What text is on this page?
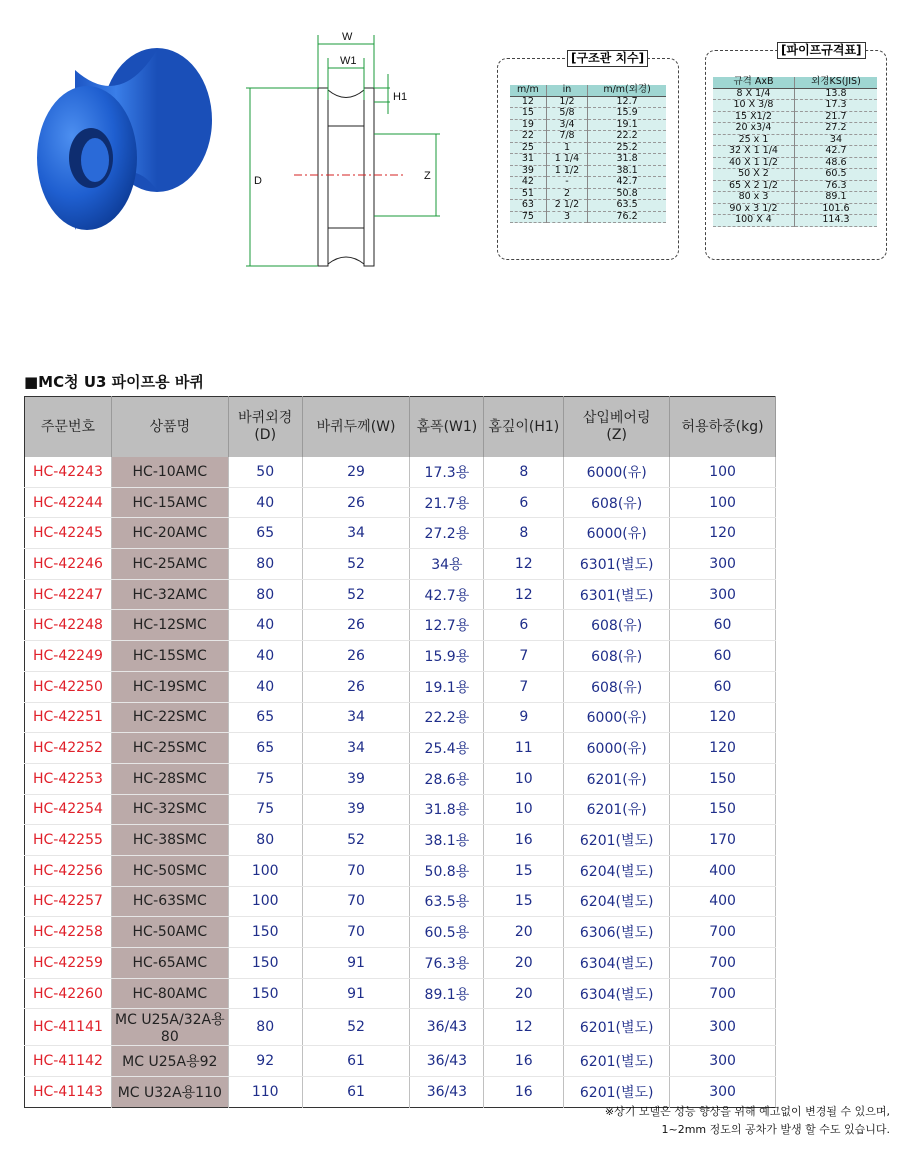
W
W1
H1
D	Z
[구조관 치수]
m/m	in	m/m(외경)
12	1/2	12.7
15	5/8	15.9
19	3/4	19.1
22	7/8	22.2
25	1	25.2
31	1 1/4	31.8
39	1 1/2	38.1
42	-	42.7
51	2	50.8
63	2 1/2	63.5
75	3	76.2
[파이프규격표]
규격 AxB	외경KS(JIS)
8 X 1/4	13.8
10 X 3/8	17.3
15 X1/2	21.7
20 x3/4	27.2
25 x 1	34
32 X 1 1/4	42.7
40 X 1 1/2	48.6
50 X 2	60.5
65 X 2 1/2	76.3
80 x 3	89.1
90 x 3 1/2	101.6
100 X 4	114.3
■MC청 U3 파이프용 바퀴
주문번호	상품명	바퀴외경
(D)	바퀴두께(W)	홈폭(W1)	홈깊이(H1)	삽입베어링
(Z)	허용하중(kg)
HC-42243	HC-10AMC	50	29	17.3용	8	6000(유)	100
HC-42244	HC-15AMC	40	26	21.7용	6	608(유)	100
HC-42245	HC-20AMC	65	34	27.2용	8	6000(유)	120
HC-42246	HC-25AMC	80	52	34용	12	6301(별도)	300
HC-42247	HC-32AMC	80	52	42.7용	12	6301(별도)	300
HC-42248	HC-12SMC	40	26	12.7용	6	608(유)	60
HC-42249	HC-15SMC	40	26	15.9용	7	608(유)	60
HC-42250	HC-19SMC	40	26	19.1용	7	608(유)	60
HC-42251	HC-22SMC	65	34	22.2용	9	6000(유)	120
HC-42252	HC-25SMC	65	34	25.4용	11	6000(유)	120
HC-42253	HC-28SMC	75	39	28.6용	10	6201(유)	150
HC-42254	HC-32SMC	75	39	31.8용	10	6201(유)	150
HC-42255	HC-38SMC	80	52	38.1용	16	6201(별도)	170
HC-42256	HC-50SMC	100	70	50.8용	15	6204(별도)	400
HC-42257	HC-63SMC	100	70	63.5용	15	6204(별도)	400
HC-42258	HC-50AMC	150	70	60.5용	20	6306(별도)	700
HC-42259	HC-65AMC	150	91	76.3용	20	6304(별도)	700
HC-42260	HC-80AMC	150	91	89.1용	20	6304(별도)	700
HC-41141	MC U25A/32A용80	80	52	36/43	12	6201(별도)	300
HC-41142	MC U25A용92	92	61	36/43	16	6201(별도)	300
HC-41143	MC U32A용110	110	61	36/43	16	6201(별도)	300
※상기 모델은 성능 향상을 위해 예고없이 변경될 수 있으며,
1~2mm 정도의 공차가 발생 할 수도 있습니다.
